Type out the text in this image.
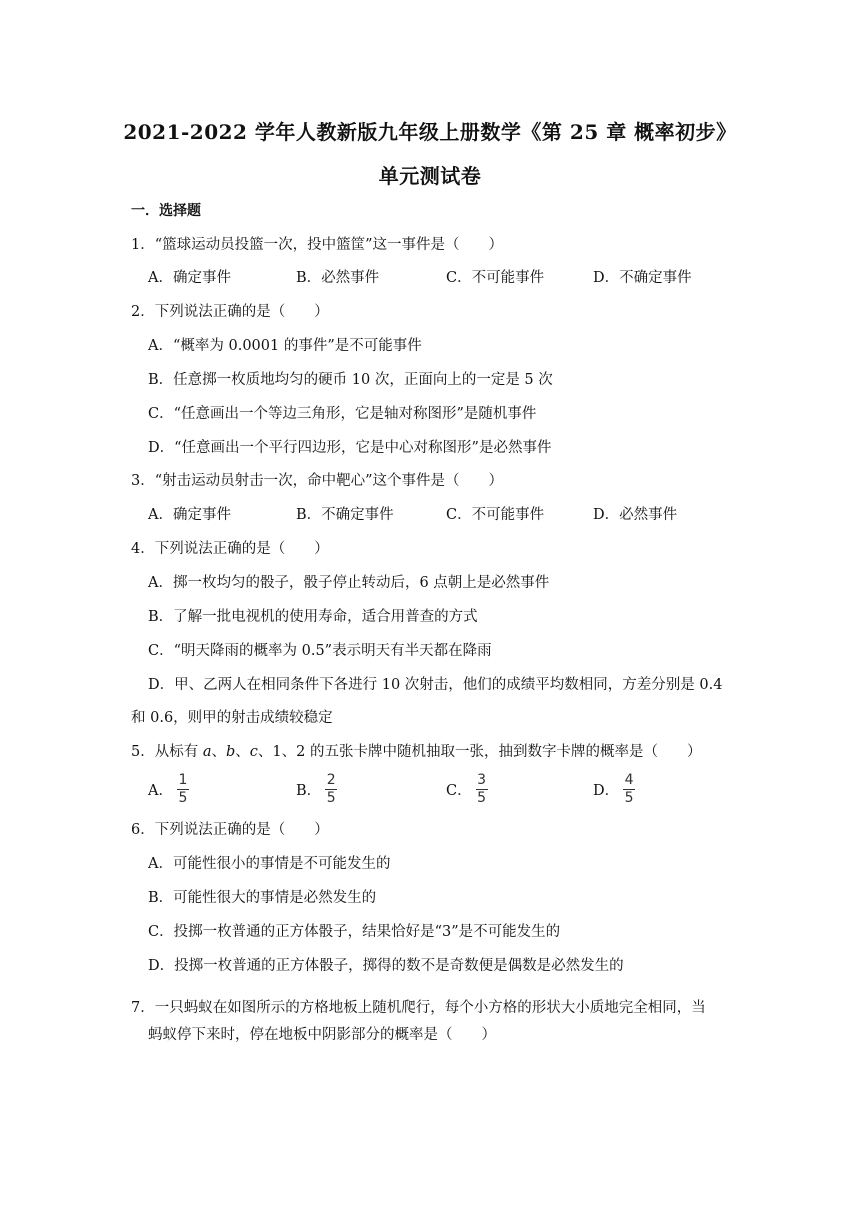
2021-2022 学年人教新版九年级上册数学《第 25 章 概率初步》
单元测试卷
一．选择题
1．“篮球运动员投篮一次，投中篮筐”这一事件是（　　）
A．确定事件	B．必然事件	C．不可能事件	D．不确定事件
2．下列说法正确的是（　　）
A．“概率为 0.0001 的事件”是不可能事件
B．任意掷一枚质地均匀的硬币 10 次，正面向上的一定是 5 次
C．“任意画出一个等边三角形，它是轴对称图形”是随机事件
D．“任意画出一个平行四边形，它是中心对称图形”是必然事件
3．“射击运动员射击一次，命中靶心”这个事件是（　　）
A．确定事件	B．不确定事件	C．不可能事件	D．必然事件
4．下列说法正确的是（　　）
A．掷一枚均匀的骰子，骰子停止转动后，6 点朝上是必然事件
B．了解一批电视机的使用寿命，适合用普查的方式
C．“明天降雨的概率为 0.5”表示明天有半天都在降雨
D．甲、乙两人在相同条件下各进行 10 次射击，他们的成绩平均数相同，方差分别是 0.4
和 0.6，则甲的射击成绩较稳定
5．从标有 a、b、c、1、2 的五张卡牌中随机抽取一张，抽到数字卡牌的概率是（　　）
A． $\frac{1}{5}$	B． $\frac{2}{5}$	C． $\frac{3}{5}$	D． $\frac{4}{5}$
6．下列说法正确的是（　　）
A．可能性很小的事情是不可能发生的
B．可能性很大的事情是必然发生的
C．投掷一枚普通的正方体骰子，结果恰好是“3”是不可能发生的
D．投掷一枚普通的正方体骰子，掷得的数不是奇数便是偶数是必然发生的
7．一只蚂蚁在如图所示的方格地板上随机爬行，每个小方格的形状大小质地完全相同，当
蚂蚁停下来时，停在地板中阴影部分的概率是（　　）
